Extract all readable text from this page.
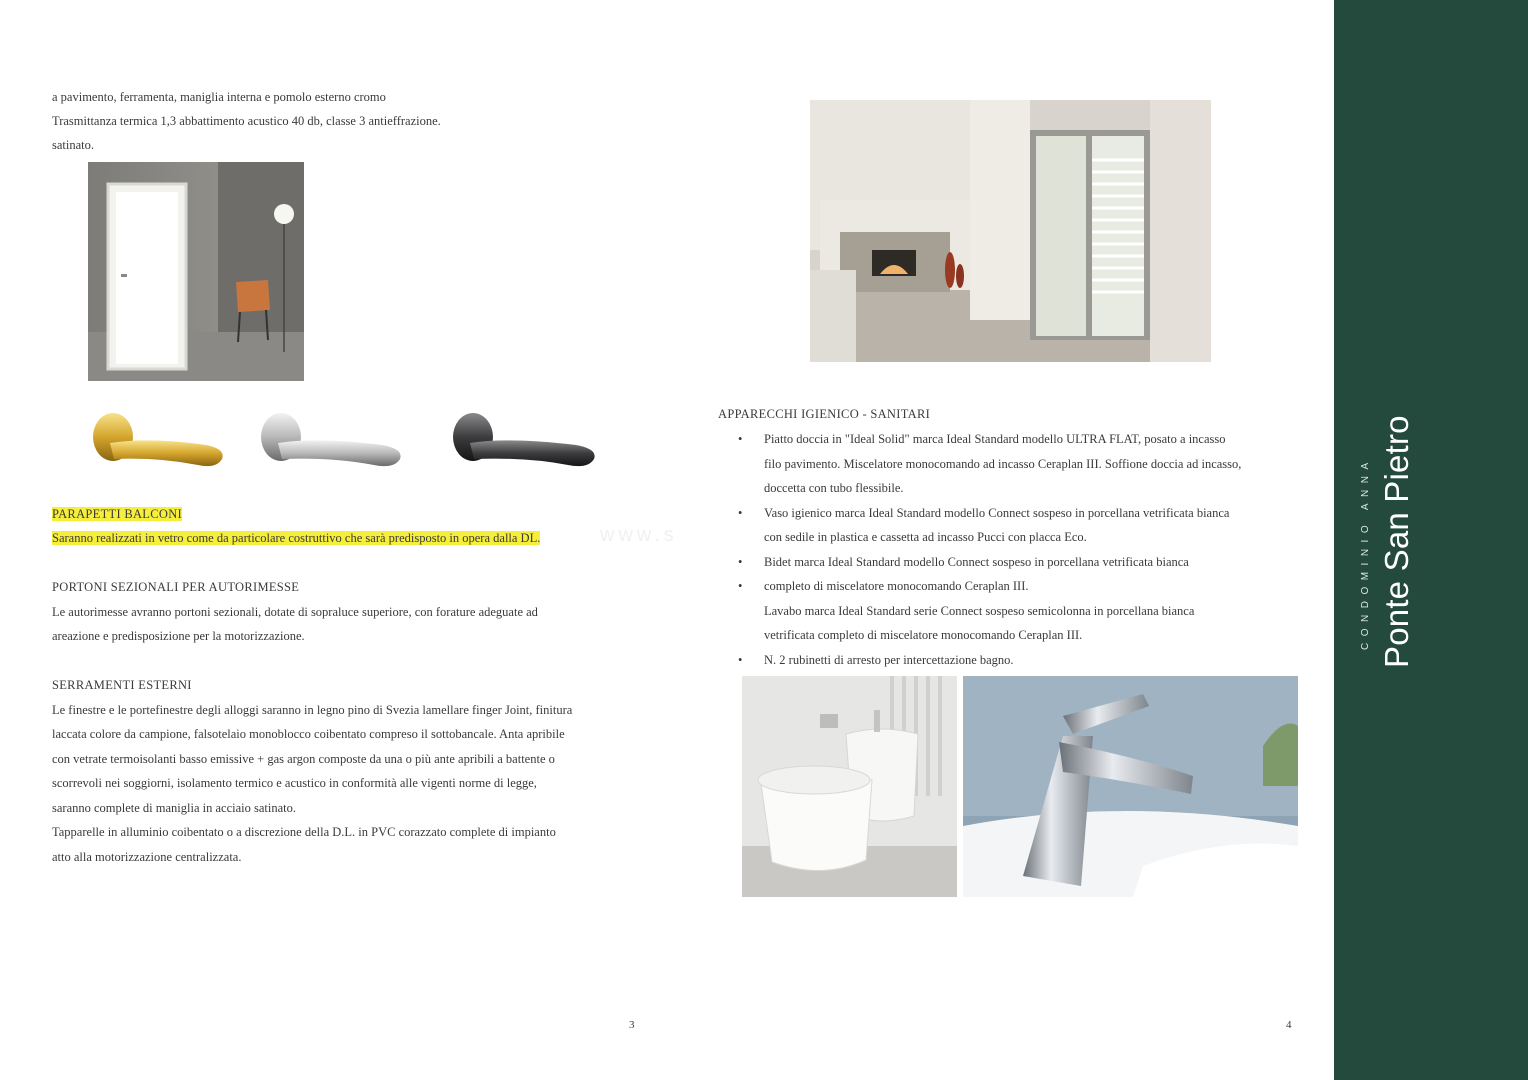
a pavimento, ferramenta, maniglia interna e pomolo esterno cromo
Trasmittanza termica 1,3 abbattimento acustico 40 db, classe 3 antieffrazione.
satinato.
PARAPETTI BALCONI
Saranno realizzati in vetro come da particolare costruttivo che sarà predisposto in opera dalla DL.
PORTONI SEZIONALI PER AUTORIMESSE
Le autorimesse avranno portoni sezionali, dotate di sopraluce superiore, con forature adeguate ad
areazione e predisposizione per la motorizzazione.
SERRAMENTI ESTERNI
Le finestre e le portefinestre degli alloggi saranno in legno pino di Svezia lamellare finger Joint, finitura
laccata colore da campione, falsotelaio monoblocco coibentato compreso il sottobancale. Anta apribile
con vetrate termoisolanti basso emissive + gas argon composte da una o più ante apribili a battente o
scorrevoli nei soggiorni, isolamento termico e acustico in conformità alle vigenti norme di legge,
saranno complete di maniglia in acciaio satinato.
Tapparelle in alluminio coibentato o a discrezione della D.L. in PVC corazzato complete di impianto
atto alla motorizzazione centralizzata.
3
www.s
APPARECCHI IGIENICO - SANITARI
• Piatto doccia in "Ideal Solid" marca Ideal Standard modello ULTRA FLAT, posato a incasso
filo pavimento. Miscelatore monocomando ad incasso Ceraplan III. Soffione doccia ad incasso,
doccetta con tubo flessibile.
• Vaso igienico marca Ideal Standard modello Connect sospeso in porcellana vetrificata bianca
con sedile in plastica e cassetta ad incasso Pucci con placca Eco.
• Bidet marca Ideal Standard modello Connect sospeso in porcellana vetrificata bianca
• completo di miscelatore monocomando Ceraplan III.
Lavabo marca Ideal Standard serie Connect sospeso semicolonna in porcellana bianca
vetrificata completo di miscelatore monocomando Ceraplan III.
• N. 2 rubinetti di arresto per intercettazione bagno.
4
CONDOMINIO ANNA Ponte San Pietro
